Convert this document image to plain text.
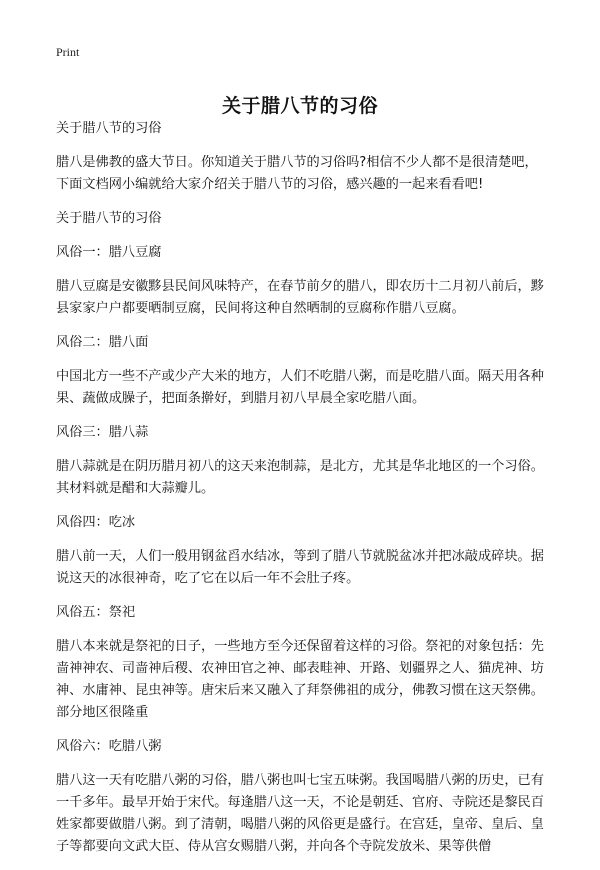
Print
关于腊八节的习俗

关于腊八节的习俗

腊八是佛教的盛大节日。你知道关于腊八节的习俗吗?相信不少人都不是很清楚吧，下面文档网小编就给大家介绍关于腊八节的习俗，感兴趣的一起来看看吧!

关于腊八节的习俗

风俗一：腊八豆腐

腊八豆腐是安徽黟县民间风味特产，在春节前夕的腊八，即农历十二月初八前后，黟县家家户户都要晒制豆腐，民间将这种自然晒制的豆腐称作腊八豆腐。

风俗二：腊八面

中国北方一些不产或少产大米的地方，人们不吃腊八粥，而是吃腊八面。隔天用各种果、蔬做成臊子，把面条擀好，到腊月初八早晨全家吃腊八面。

风俗三：腊八蒜

腊八蒜就是在阴历腊月初八的这天来泡制蒜，是北方，尤其是华北地区的一个习俗。其材料就是醋和大蒜瓣儿。

风俗四：吃冰

腊八前一天，人们一般用钢盆舀水结冰，等到了腊八节就脱盆冰并把冰敲成碎块。据说这天的冰很神奇，吃了它在以后一年不会肚子疼。

风俗五：祭祀

腊八本来就是祭祀的日子，一些地方至今还保留着这样的习俗。祭祀的对象包括：先啬神神农、司啬神后稷、农神田官之神、邮表畦神、开路、划疆界之人、猫虎神、坊神、水庸神、昆虫神等。唐宋后来又融入了拜祭佛祖的成分，佛教习惯在这天祭佛。部分地区很隆重

风俗六：吃腊八粥

腊八这一天有吃腊八粥的习俗，腊八粥也叫七宝五味粥。我国喝腊八粥的历史，已有一千多年。最早开始于宋代。每逢腊八这一天，不论是朝廷、官府、寺院还是黎民百姓家都要做腊八粥。到了清朝，喝腊八粥的风俗更是盛行。在宫廷，皇帝、皇后、皇子等都要向文武大臣、侍从宫女赐腊八粥，并向各个寺院发放米、果等供僧
